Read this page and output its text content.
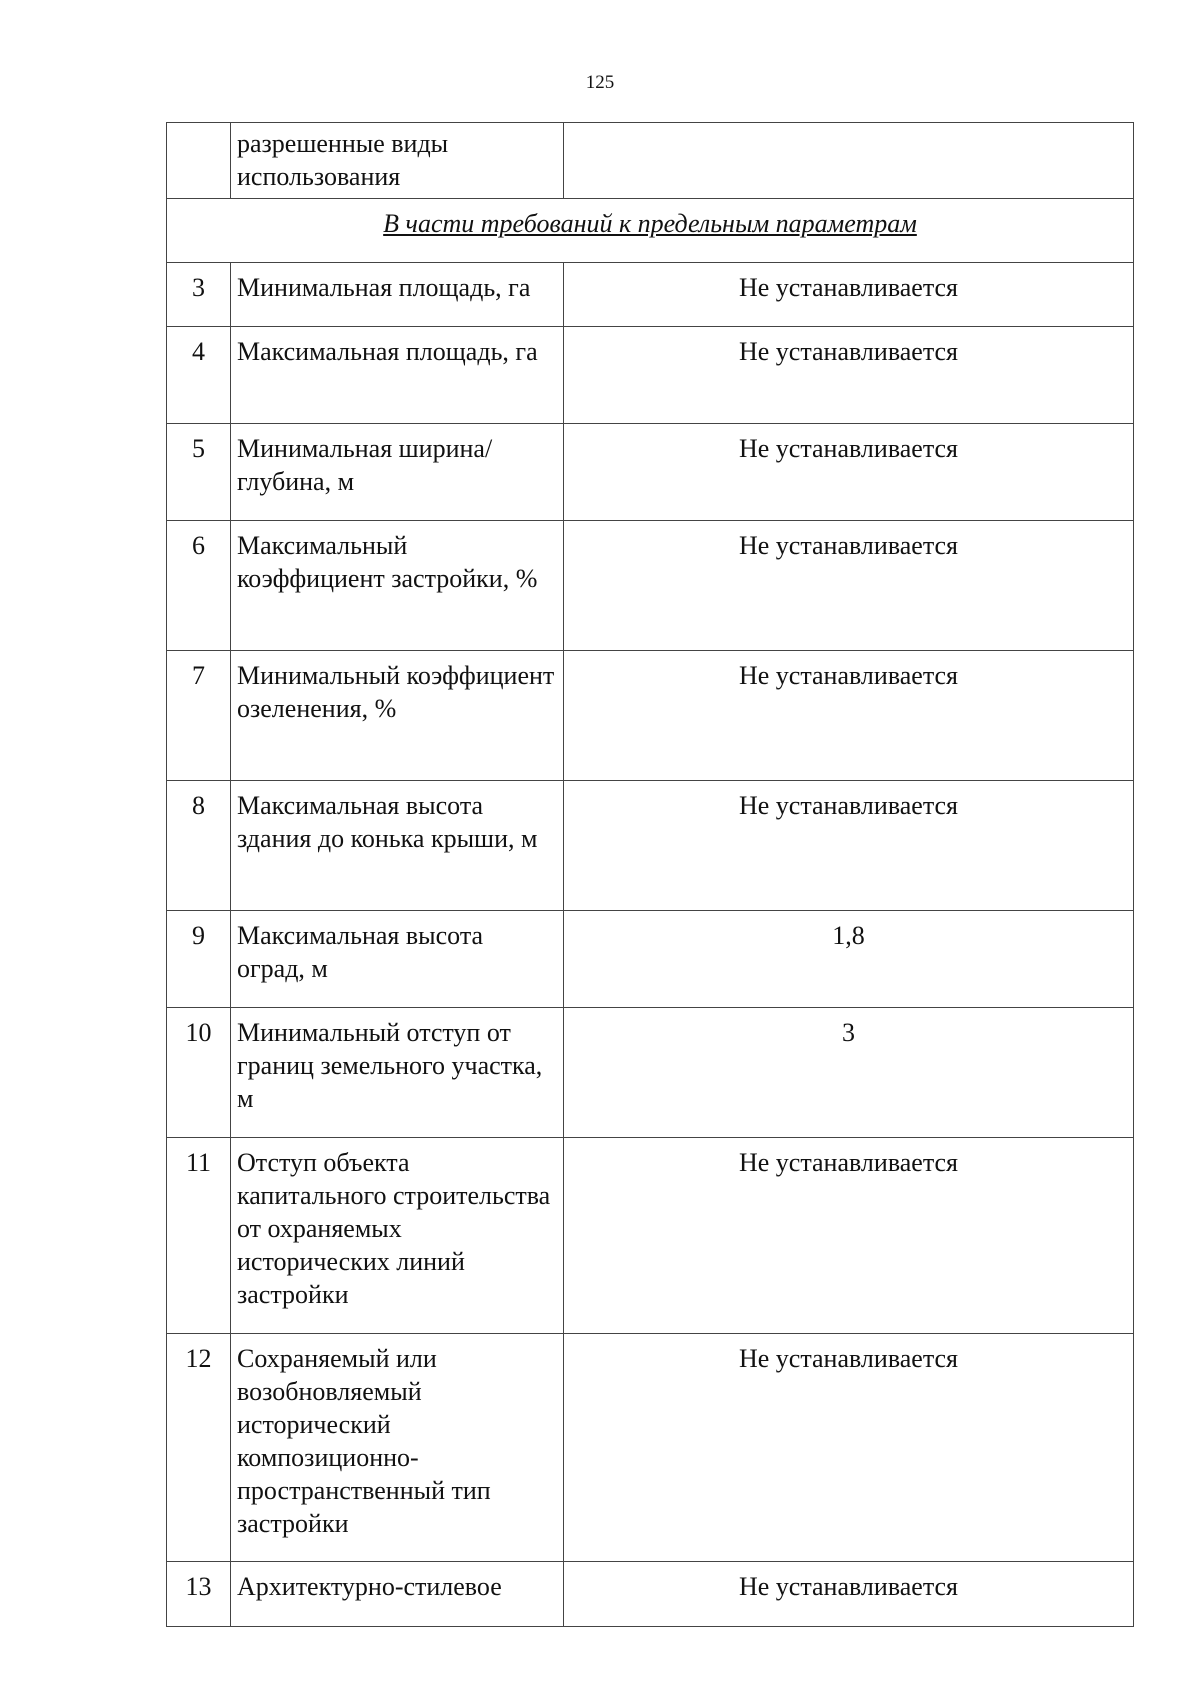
125
	разрешенные виды использования	
В части требований к предельным параметрам		
3	Минимальная площадь, га	Не устанавливается
4	Максимальная площадь, га	Не устанавливается
5	Минимальная ширина/ глубина, м	Не устанавливается
6	Максимальный коэффициент застройки, %	Не устанавливается
7	Минимальный коэффициент озеленения, %	Не устанавливается
8	Максимальная высота здания до конька крыши, м	Не устанавливается
9	Максимальная высота оград, м	1,8
10	Минимальный отступ от границ земельного участка, м	3
11	Отступ объекта капитального строительства от охраняемых исторических линий застройки	Не устанавливается
12	Сохраняемый или возобновляемый исторический композиционно-пространственный тип застройки	Не устанавливается
13	Архитектурно-стилевое	Не устанавливается
